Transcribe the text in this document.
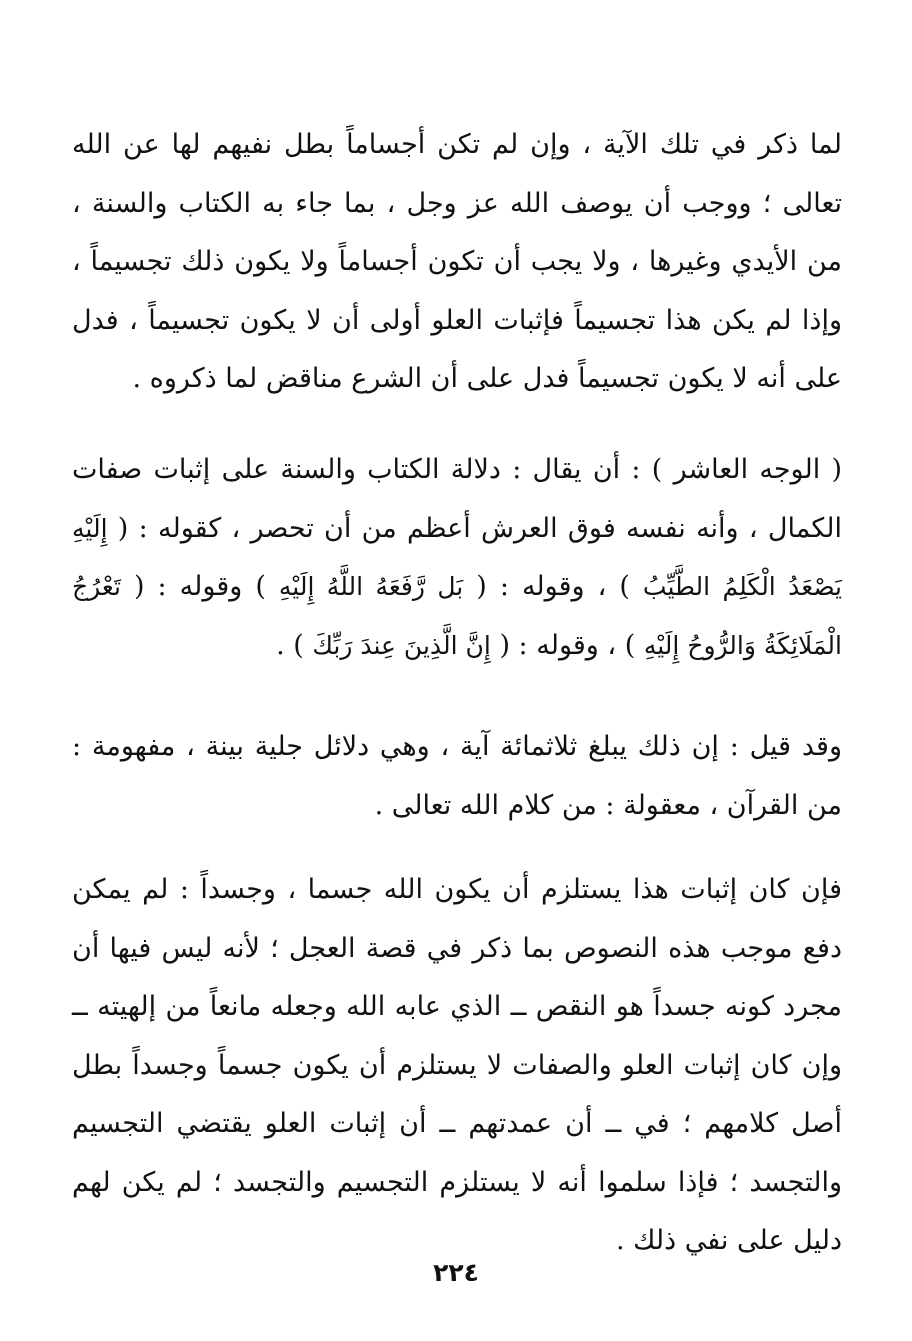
لما ذكر في تلك الآية ، وإن لم تكن أجساماً بطل نفيهم لها عن الله تعالى ؛ ووجب أن يوصف الله عز وجل ، بما جاء به الكتاب والسنة ، من الأيدي وغيرها ، ولا يجب أن تكون أجساماً ولا يكون ذلك تجسيماً ، وإذا لم يكن هذا تجسيماً فإثبات العلو أولى أن لا يكون تجسيماً ، فدل على أنه لا يكون تجسيماً فدل على أن الشرع مناقض لما ذكروه .

( الوجه العاشر ) : أن يقال : دلالة الكتاب والسنة على إثبات صفات الكمال ، وأنه نفسه فوق العرش أعظم من أن تحصر ، كقوله : ( إِلَيْهِ يَصْعَدُ الْكَلِمُ الطَّيِّبُ ) ، وقوله : ( بَل رَّفَعَهُ اللَّهُ إِلَيْهِ ) وقوله : ( تَعْرُجُ الْمَلَائِكَةُ وَالرُّوحُ إِلَيْهِ ) ، وقوله : ( إِنَّ الَّذِينَ عِندَ رَبِّكَ ) .

وقد قيل : إن ذلك يبلغ ثلاثمائة آية ، وهي دلائل جلية بينة ، مفهومة : من القرآن ، معقولة : من كلام الله تعالى .

فإن كان إثبات هذا يستلزم أن يكون الله جسما ، وجسداً : لم يمكن دفع موجب هذه النصوص بما ذكر في قصة العجل ؛ لأنه ليس فيها أن مجرد كونه جسداً هو النقص ــ الذي عابه الله وجعله مانعاً من إلهيته ــ وإن كان إثبات العلو والصفات لا يستلزم أن يكون جسماً وجسداً بطل أصل كلامهم ؛ في ــ أن عمدتهم ــ أن إثبات العلو يقتضي التجسيم والتجسد ؛ فإذا سلموا أنه لا يستلزم التجسيم والتجسد ؛ لم يكن لهم دليل على نفي ذلك .

٢٢٤
